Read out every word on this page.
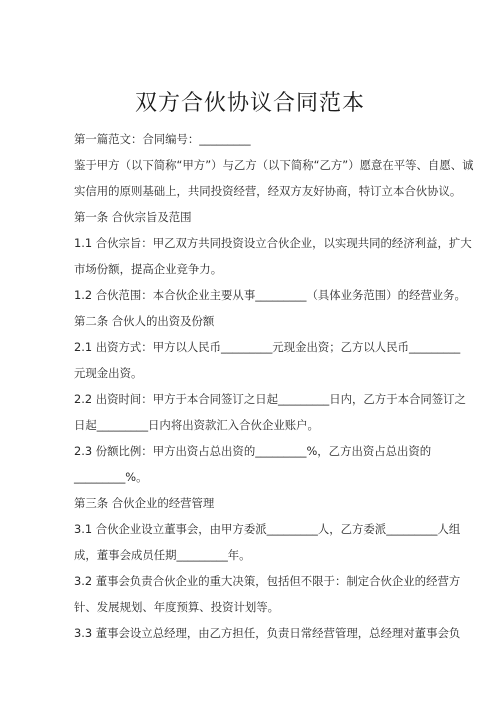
双方合伙协议合同范本
第一篇范文：合同编号：_________
鉴于甲方（以下简称“甲方”）与乙方（以下简称“乙方”）愿意在平等、自愿、诚
实信用的原则基础上，共同投资经营，经双方友好协商，特订立本合伙协议。
第一条 合伙宗旨及范围
1.1 合伙宗旨：甲乙双方共同投资设立合伙企业，以实现共同的经济利益，扩大
市场份额，提高企业竞争力。
1.2 合伙范围：本合伙企业主要从事_________（具体业务范围）的经营业务。
第二条 合伙人的出资及份额
2.1 出资方式：甲方以人民币_________元现金出资；乙方以人民币_________
元现金出资。
2.2 出资时间：甲方于本合同签订之日起_________日内，乙方于本合同签订之
日起_________日内将出资款汇入合伙企业账户。
2.3 份额比例：甲方出资占总出资的_________%，乙方出资占总出资的
_________%。
第三条 合伙企业的经营管理
3.1 合伙企业设立董事会，由甲方委派_________人，乙方委派_________人组
成，董事会成员任期_________年。
3.2 董事会负责合伙企业的重大决策，包括但不限于：制定合伙企业的经营方
针、发展规划、年度预算、投资计划等。
3.3 董事会设立总经理，由乙方担任，负责日常经营管理，总经理对董事会负
